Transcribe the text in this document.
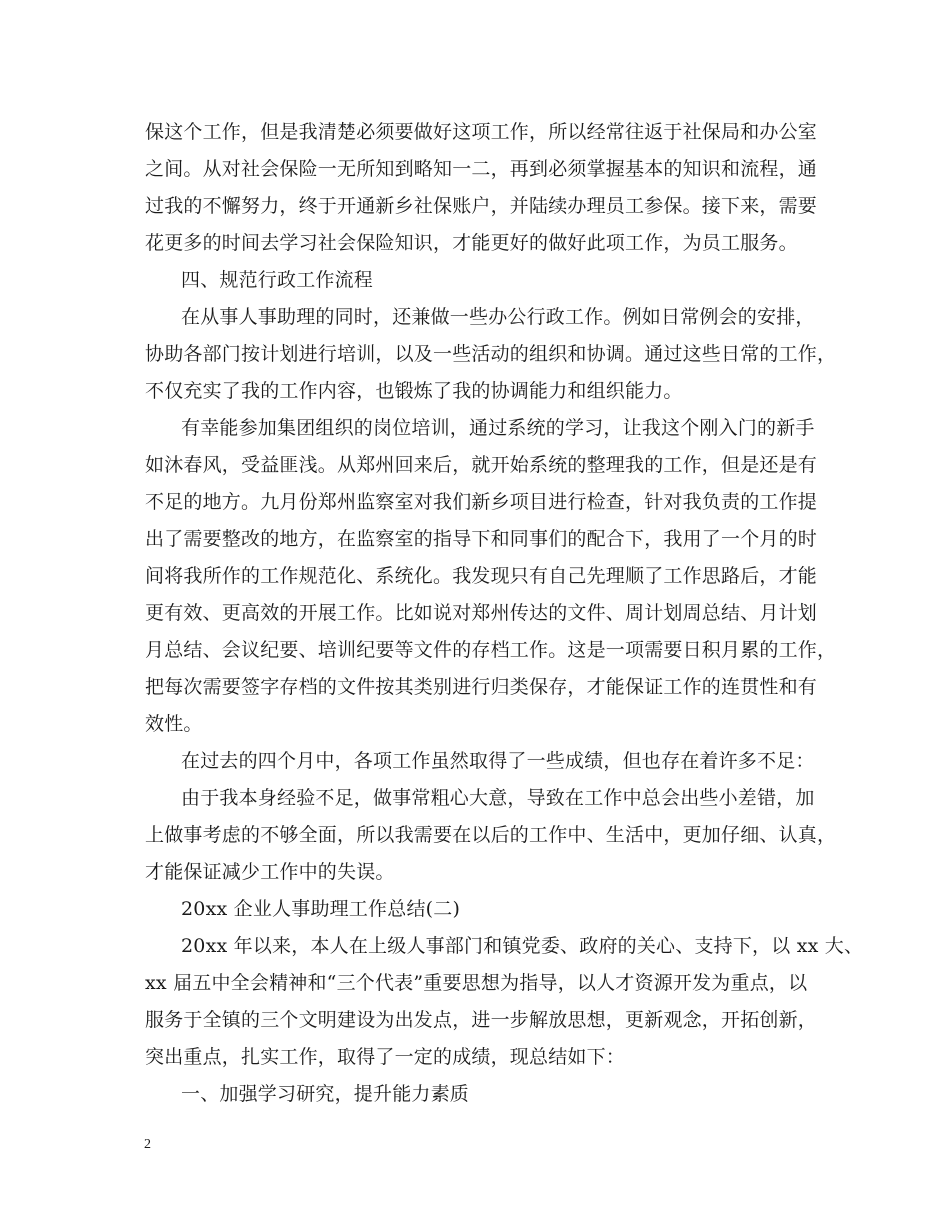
保这个工作，但是我清楚必须要做好这项工作，所以经常往返于社保局和办公室
之间。从对社会保险一无所知到略知一二，再到必须掌握基本的知识和流程，通
过我的不懈努力，终于开通新乡社保账户，并陆续办理员工参保。接下来，需要
花更多的时间去学习社会保险知识，才能更好的做好此项工作，为员工服务。
四、规范行政工作流程
在从事人事助理的同时，还兼做一些办公行政工作。例如日常例会的安排，
协助各部门按计划进行培训，以及一些活动的组织和协调。通过这些日常的工作，
不仅充实了我的工作内容，也锻炼了我的协调能力和组织能力。
有幸能参加集团组织的岗位培训，通过系统的学习，让我这个刚入门的新手
如沐春风，受益匪浅。从郑州回来后，就开始系统的整理我的工作，但是还是有
不足的地方。九月份郑州监察室对我们新乡项目进行检查，针对我负责的工作提
出了需要整改的地方，在监察室的指导下和同事们的配合下，我用了一个月的时
间将我所作的工作规范化、系统化。我发现只有自己先理顺了工作思路后，才能
更有效、更高效的开展工作。比如说对郑州传达的文件、周计划周总结、月计划
月总结、会议纪要、培训纪要等文件的存档工作。这是一项需要日积月累的工作，
把每次需要签字存档的文件按其类别进行归类保存，才能保证工作的连贯性和有
效性。
在过去的四个月中，各项工作虽然取得了一些成绩，但也存在着许多不足：
由于我本身经验不足，做事常粗心大意，导致在工作中总会出些小差错，加
上做事考虑的不够全面，所以我需要在以后的工作中、生活中，更加仔细、认真，
才能保证减少工作中的失误。
20xx 企业人事助理工作总结(二)
20xx 年以来，本人在上级人事部门和镇党委、政府的关心、支持下，以 xx 大、
xx 届五中全会精神和“三个代表”重要思想为指导，以人才资源开发为重点，以
服务于全镇的三个文明建设为出发点，进一步解放思想，更新观念，开拓创新，
突出重点，扎实工作，取得了一定的成绩，现总结如下：
一、加强学习研究，提升能力素质
2
